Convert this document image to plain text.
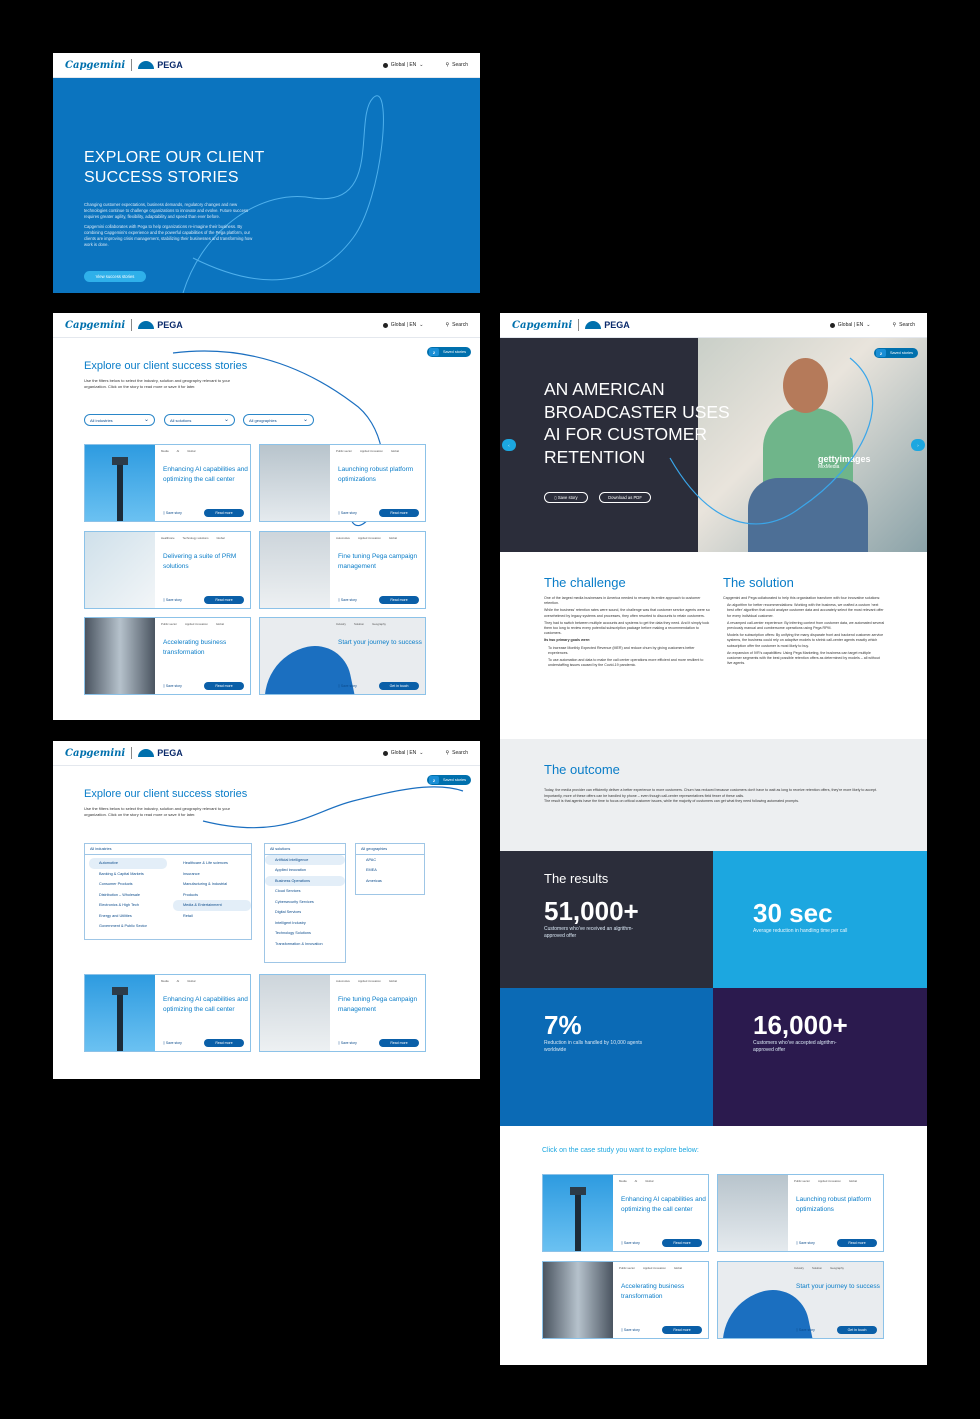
Capgemini	PEGA	Global | EN ⌄	⚲ Search
EXPLORE OUR CLIENT
SUCCESS STORIES

Changing customer expectations, business demands, regulatory changes and new technologies continue to challenge organizations to innovate and evolve. Future success requires greater agility, flexibility, adaptability and speed than ever before.

Capgemini collaborates with Pega to help organizations re-imagine their business. By combining Capgemini's experience and the powerful capabilities of the Pega platform, our clients are improving crisis management, stabilizing their businesses and transforming how work is done.

View success stories
Capgemini	PEGA	Global | EN ⌄	⚲ Search
2	Saved stories
Explore our client success stories
Use the filters below to select the industry, solution and geography relevant to your organization. Click on the story to read more or save it for later.
All industries ⌄	All solutions ⌄	All geographies ⌄
Media	AI	Global
Enhancing AI capabilities and optimizing the call center
▯ Save story	Read more
Public sector	Applied innovation	Global
Launching robust platform optimizations
▯ Save story	Read more
Healthcare	Technology solutions	Global
Delivering a suite of PRM solutions
▯ Save story	Read more
Automotive	Applied innovation	Global
Fine tuning Pega campaign management
▯ Save story	Read more
Public sector	Applied innovation	Global
Accelerating business transformation
▯ Save story	Read more
Industry	Solution	Geography
Start your journey to success
▯ Save story	Get in touch
Capgemini	PEGA	Global | EN ⌄	⚲ Search
2	Saved stories
Explore our client success stories
Use the filters below to select the industry, solution and geography relevant to your organization. Click on the story to read more or save it for later.
All industries
Automotive
Banking & Capital Markets
Consumer Products
Distribution – Wholesale
Electronics & High Tech
Energy and Utilities
Government & Public Sector
Healthcare & Life sciences
Insurance
Manufacturing & Industrial
Products
Media & Entertainment
Retail
All solutions
Artificial intelligence
Applied innovation
Business Operations
Cloud Services
Cybersecurity Services
Digital Services
Intelligent Industry
Technology Solutions
Transformation & Innovation
All geographies
APAC
EMEA
Americas
Media	AI	Global
Enhancing AI capabilities and optimizing the call center
▯ Save story	Read more
Automotive	Applied innovation	Global
Fine tuning Pega campaign management
▯ Save story	Read more
Capgemini	PEGA	Global | EN ⌄	⚲ Search
gettyimages
MixMedia
AN AMERICAN BROADCASTER USES AI FOR CUSTOMER RETENTION
▯
Save story	Download as PDF
‹	›
2	Saved stories
The challenge

One of the largest media businesses in America needed to revamp its entire approach to customer retention.

While the business' retention rates were sound, the challenge was that customer service agents were so overwhelmed by legacy systems and processes, they often resorted to discounts to retain customers.

They had to switch between multiple accounts and systems to get the data they need. And it simply took them too long to review every potential subscription package before making a recommendation to customers.

Its two primary goals were:

To increase Monthly Expected Revenue (MER) and reduce churn by giving customers better experiences.

To use automation and data to make the call center operations more efficient and more resilient to understaffing issues caused by the Covid-19 pandemic.

The solution

Capgemini and Pega collaborated to help this organization transform with four innovative solutions:

An algorithm for better recommendations: Working with the business, we crafted a custom 'next best offer' algorithm that could analyze customer data and accurately select the most relevant offer for every individual customer.

A revamped call-center experience: By inferring context from customer data, we automated several previously manual and cumbersome operations using Pega RPM.

Models for subscription offers: By unifying the many disparate front and backend customer-service systems, the business could rely on adaptive models to shrink call-center agents exactly which subscription offer the customer is most likely to buy.

An expansion of IVR's capabilities: Using Pega Marketing, the business can target multiple customer segments with the best possible retention offers as determined by models – all without live agents.

The outcome

Today, the media provider can efficiently deliver a better experience to more customers. Churn has reduced because customers don't have to wait as long to receive retention offers, they're more likely to accept.

Importantly, more of these offers can be handled by phone – even though call-center representatives field fewer of these calls.

The result is that agents have the time to focus on critical customer issues, while the majority of customers can get what they need following automated prompts.

The results
51,000+
Customers who've received an algrithm-approved offer
30 sec
Average reduction in handling time per call
7%
Reduction in calls handled by 10,000 agents worldwide
16,000+
Customers who've accepted algrithm-approved offer
Click on the case study you want to explore below:
Media	AI	Global
Enhancing AI capabilities and optimizing the call center
▯ Save story	Read more
Public sector	Applied innovation	Global
Launching robust platform optimizations
▯ Save story	Read more
Public sector	Applied innovation	Global
Accelerating business transformation
▯ Save story	Read more
Industry	Solution	Geography
Start your journey to success
▯ Save story	Get in touch
